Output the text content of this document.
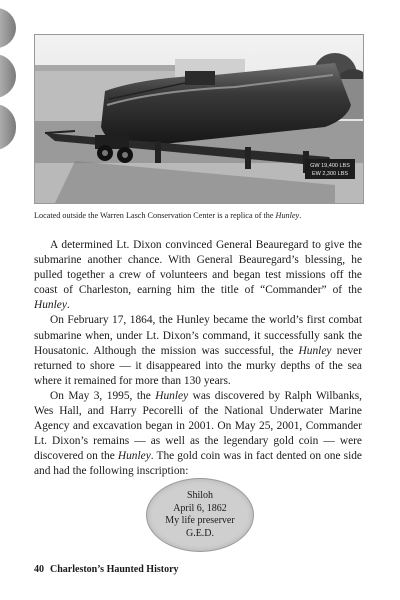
GW 19,400 LBS
EW 2,300 LBS

Located outside the Warren Lasch Conservation Center is a replica of the Hunley.

A determined Lt. Dixon convinced General Beauregard to give the submarine another chance. With General Beauregard’s blessing, he pulled together a crew of volunteers and began test missions off the coast of Charleston, earning him the title of “Commander” of the Hunley.

On February 17, 1864, the Hunley became the world’s first combat submarine when, under Lt. Dixon’s command, it successfully sank the Housatonic. Although the mission was successful, the Hunley never returned to shore — it disappeared into the murky depths of the sea where it remained for more than 130 years.

On May 3, 1995, the Hunley was discovered by Ralph Wilbanks, Wes Hall, and Harry Pecorelli of the National Underwater Marine Agency and excavation began in 2001. On May 25, 2001, Commander Lt. Dixon’s remains — as well as the legendary gold coin — were discovered on the Hunley. The gold coin was in fact dented on one side and had the following inscription:

Shiloh
April 6, 1862
My life preserver
G.E.D.
40 Charleston’s Haunted History
